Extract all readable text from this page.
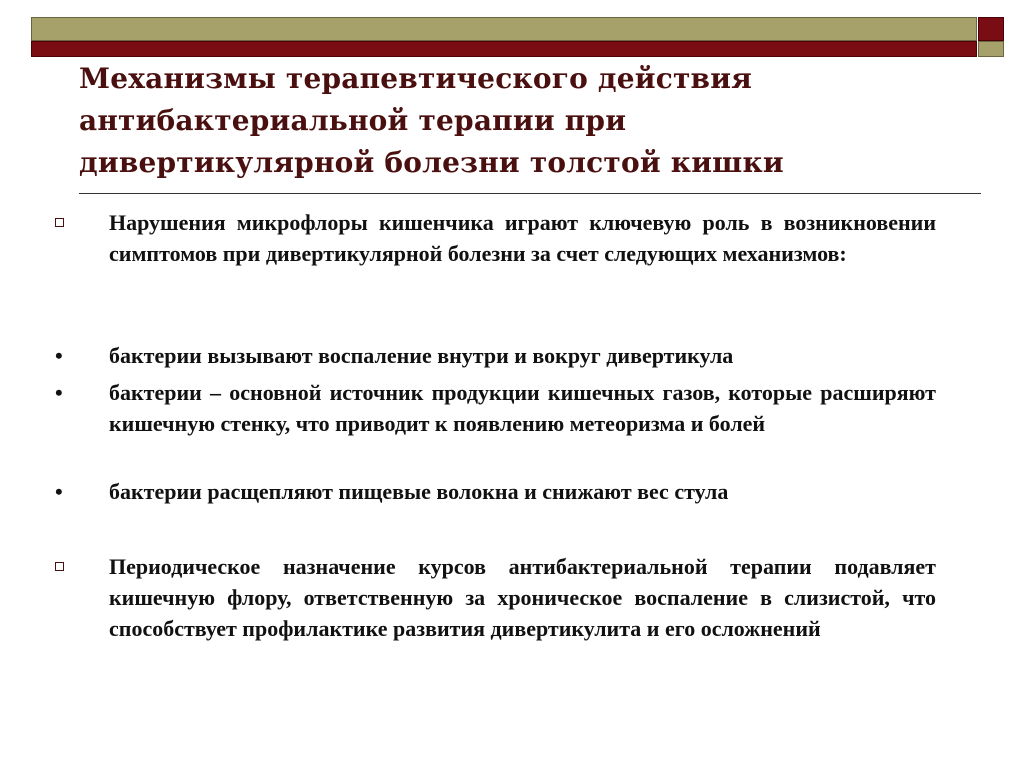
Механизмы терапевтического действия
антибактериальной терапии при
дивертикулярной болезни толстой кишки

Нарушения микрофлоры кишенчика играют ключевую роль в возникновении симптомов при дивертикулярной болезни за счет следующих механизмов:

• бактерии вызывают воспаление внутри и вокруг дивертикула

• бактерии – основной источник продукции кишечных газов, которые расширяют кишечную стенку, что приводит к появлению метеоризма и болей

• бактерии расщепляют пищевые волокна и снижают вес стула

Периодическое назначение курсов антибактериальной терапии подавляет кишечную флору, ответственную за хроническое воспаление в слизистой, что способствует профилактике развития дивертикулита и его осложнений
